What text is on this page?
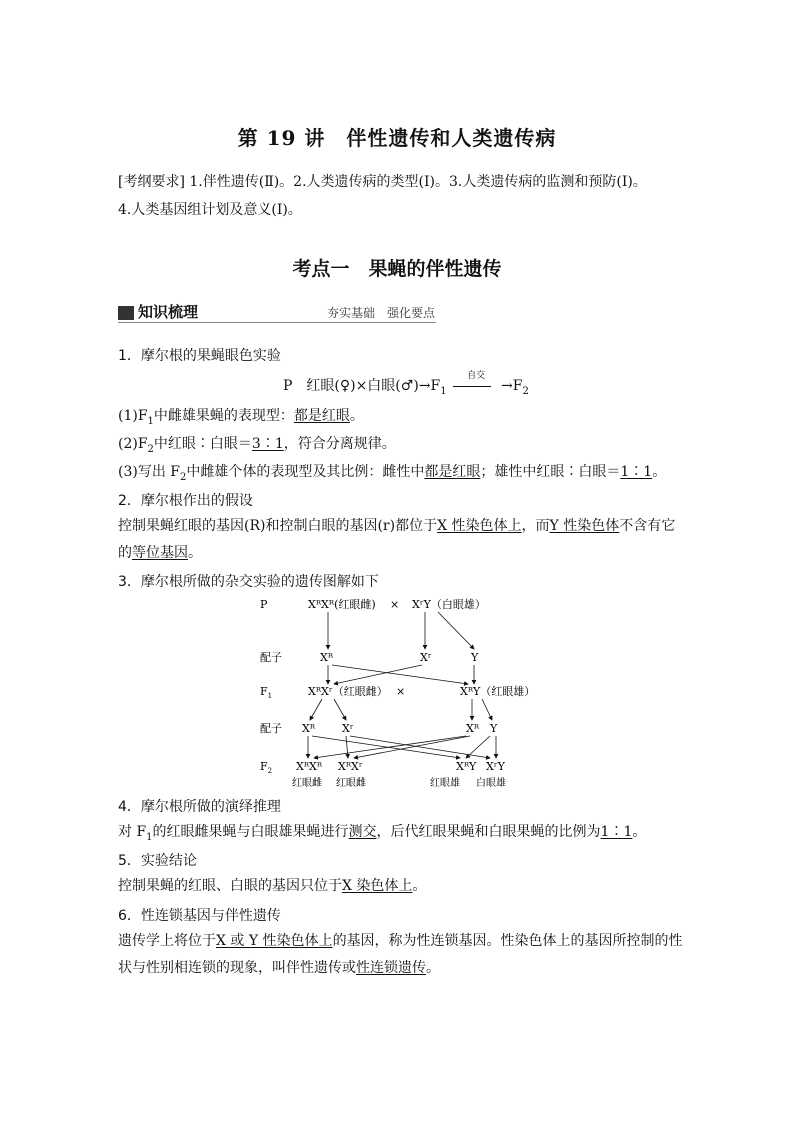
第 19 讲　伴性遗传和人类遗传病
[考纲要求] 1.伴性遗传(Ⅱ)。2.人类遗传病的类型(Ⅰ)。3.人类遗传病的监测和预防(Ⅰ)。
4.人类基因组计划及意义(Ⅰ)。
考点一　果蝇的伴性遗传
知识梳理	夯实基础　强化要点
1．摩尔根的果蝇眼色实验
P　 红眼(♀)×白眼$(♂)\to F_1$
自交
$\to F_2$
$(1)F_1$中雌雄果蝇的表现型：都是红眼。
$(2)F_2$中红眼∶白眼＝3∶1，符合分离规律。
(3)写出 $F_2$中雌雄个体的表现型及其比例：雌性中都是红眼；雄性中红眼∶白眼＝1∶1。
2．摩尔根作出的假设
控制果蝇红眼的基因(R)和控制白眼的基因(r)都位于X 性染色体上，而Y 性染色体不含有它
的等位基因。
3．摩尔根所做的杂交实验的遗传图解如下
P
配子
$F_1$
配子
$F_2$
XᴿXᴿ(红眼雌) × XʳY（白眼雄）
Xᴿ	Xʳ	Y
XᴿXʳ（红眼雌） ×	XᴿY（红眼雄）
Xᴿ Xʳ	Xᴿ Y
XᴿXᴿ XᴿXʳ	XᴿY XʳY
红眼雌 红眼雌	红眼雄 白眼雄
4．摩尔根所做的演绎推理
对 $F_1$的红眼雌果蝇与白眼雄果蝇进行测交，后代红眼果蝇和白眼果蝇的比例为1∶1。
5．实验结论
控制果蝇的红眼、白眼的基因只位于X 染色体上。
6．性连锁基因与伴性遗传
遗传学上将位于X 或 Y 性染色体上的基因，称为性连锁基因。性染色体上的基因所控制的性
状与性别相连锁的现象，叫伴性遗传或性连锁遗传。
